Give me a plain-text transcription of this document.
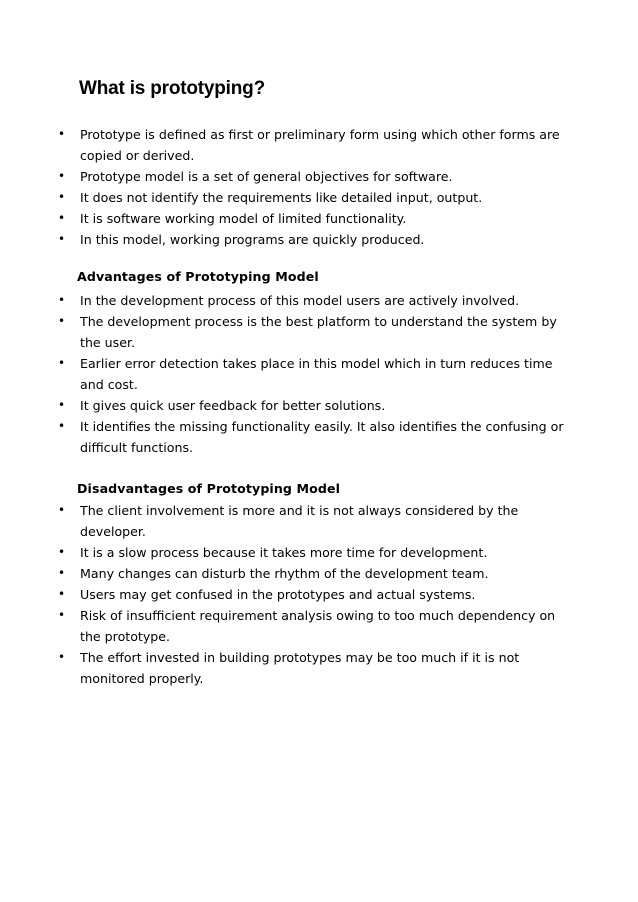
What is prototyping?
• Prototype is defined as first or preliminary form using which other forms are copied or derived.
• Prototype model is a set of general objectives for software.
• It does not identify the requirements like detailed input, output.
• It is software working model of limited functionality.
• In this model, working programs are quickly produced.
Advantages of Prototyping Model
• In the development process of this model users are actively involved.
• The development process is the best platform to understand the system by the user.
• Earlier error detection takes place in this model which in turn reduces time and cost.
• It gives quick user feedback for better solutions.
• It identifies the missing functionality easily. It also identifies the confusing or difficult functions.
Disadvantages of Prototyping Model
• The client involvement is more and it is not always considered by the developer.
• It is a slow process because it takes more time for development.
• Many changes can disturb the rhythm of the development team.
• Users may get confused in the prototypes and actual systems.
• Risk of insufficient requirement analysis owing to too much dependency on the prototype.
• The effort invested in building prototypes may be too much if it is not monitored properly.
